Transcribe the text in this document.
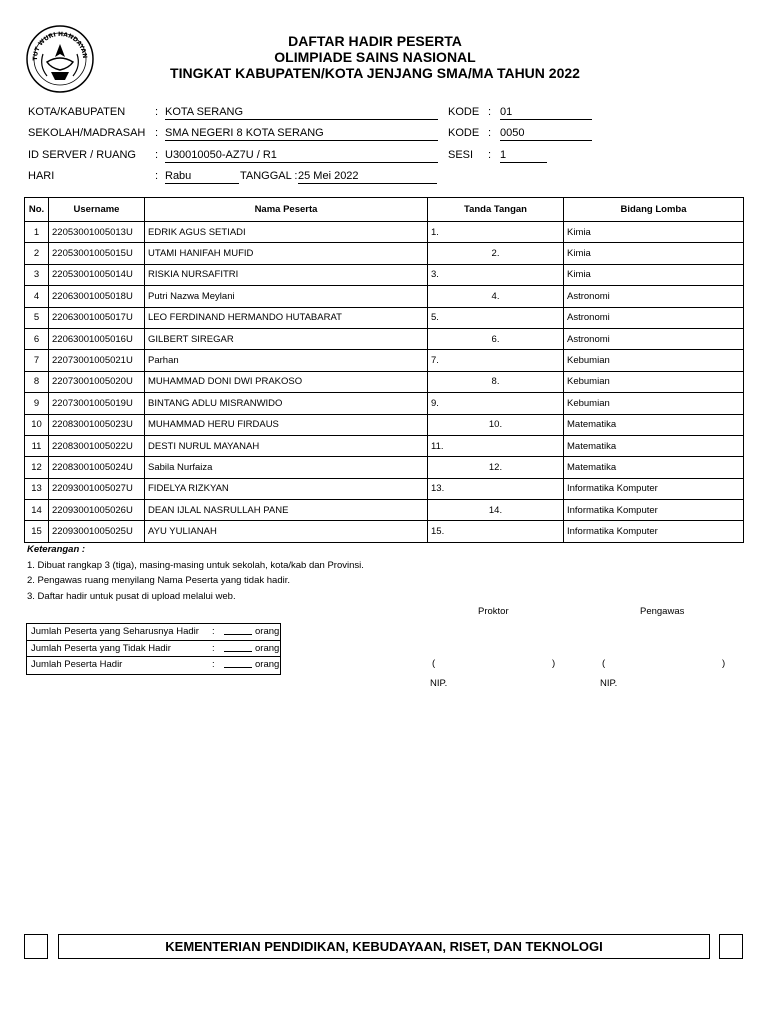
TUT WURI HANDAYAN
DAFTAR HADIR PESERTA
OLIMPIADE SAINS NASIONAL
TINGKAT KABUPATEN/KOTA JENJANG SMA/MA TAHUN 2022
KOTA/KABUPATEN	: KOTA SERANG
SEKOLAH/MADRASAH : SMA NEGERI 8 KOTA SERANG
ID SERVER / RUANG : U30010050-AZ7U / R1
HARI	: Rabu	TANGGAL : 25 Mei 2022
KODE : 01
KODE : 0050
SESI : 1
No.	Username	Nama Peserta	Tanda Tangan	Bidang Lomba
1	22053001005013U	EDRIK AGUS SETIADI	1.	Kimia
2	22053001005015U	UTAMI HANIFAH MUFID	2.	Kimia
3	22053001005014U	RISKIA NURSAFITRI	3.	Kimia
4	22063001005018U	Putri Nazwa Meylani	4.	Astronomi
5	22063001005017U	LEO FERDINAND HERMANDO HUTABARAT	5.	Astronomi
6	22063001005016U	GILBERT SIREGAR	6.	Astronomi
7	22073001005021U	Parhan	7.	Kebumian
8	22073001005020U	MUHAMMAD DONI DWI PRAKOSO	8.	Kebumian
9	22073001005019U	BINTANG ADLU MISRANWIDO	9.	Kebumian
10	22083001005023U	MUHAMMAD HERU FIRDAUS	10.	Matematika
11	22083001005022U	DESTI NURUL MAYANAH	11.	Matematika
12	22083001005024U	Sabila Nurfaiza	12.	Matematika
13	22093001005027U	FIDELYA RIZKYAN	13.	Informatika Komputer
14	22093001005026U	DEAN IJLAL NASRULLAH PANE	14.	Informatika Komputer
15	22093001005025U	AYU YULIANAH	15.	Informatika Komputer
Keterangan :
1. Dibuat rangkap 3 (tiga), masing-masing untuk sekolah, kota/kab dan Provinsi.
2. Pengawas ruang menyilang Nama Peserta yang tidak hadir.
3. Daftar hadir untuk pusat di upload melalui web.
Jumlah Peserta yang Seharusnya Hadir	:	orang
Jumlah Peserta yang Tidak Hadir	:	orang
Jumlah Peserta Hadir	:	orang
Proktor	Pengawas
(	)	(	)
NIP.	NIP.
KEMENTERIAN PENDIDIKAN, KEBUDAYAAN, RISET, DAN TEKNOLOGI
